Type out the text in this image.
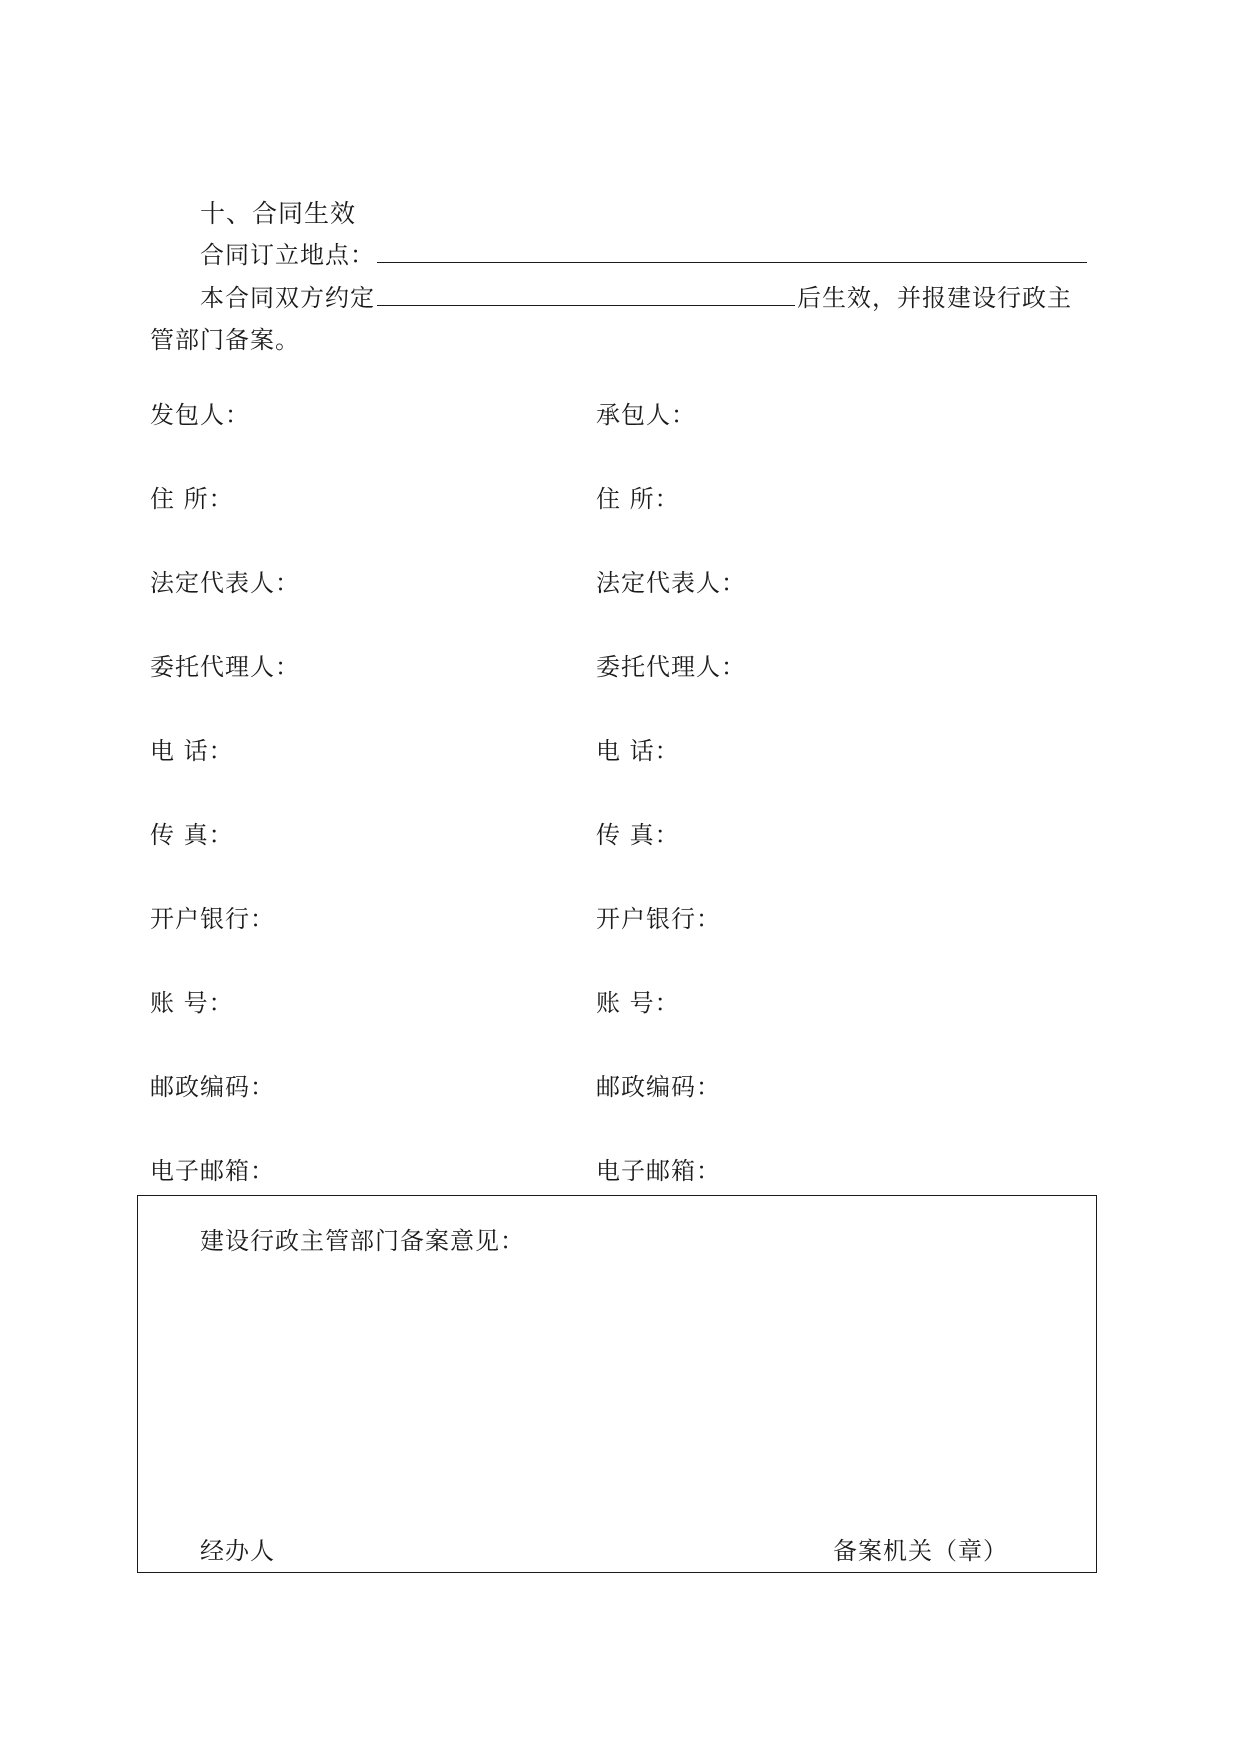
十、合同生效
合同订立地点：
本合同双方约定	后生效，并报建设行政主
管部门备案。
发包人：
住 所：
法定代表人：
委托代理人：
电 话：
传 真：
开户银行：
账 号：
邮政编码：
电子邮箱：
承包人：
住 所：
法定代表人：
委托代理人：
电 话：
传 真：
开户银行：
账 号：
邮政编码：
电子邮箱：
建设行政主管部门备案意见：
经办人	备案机关（章）
